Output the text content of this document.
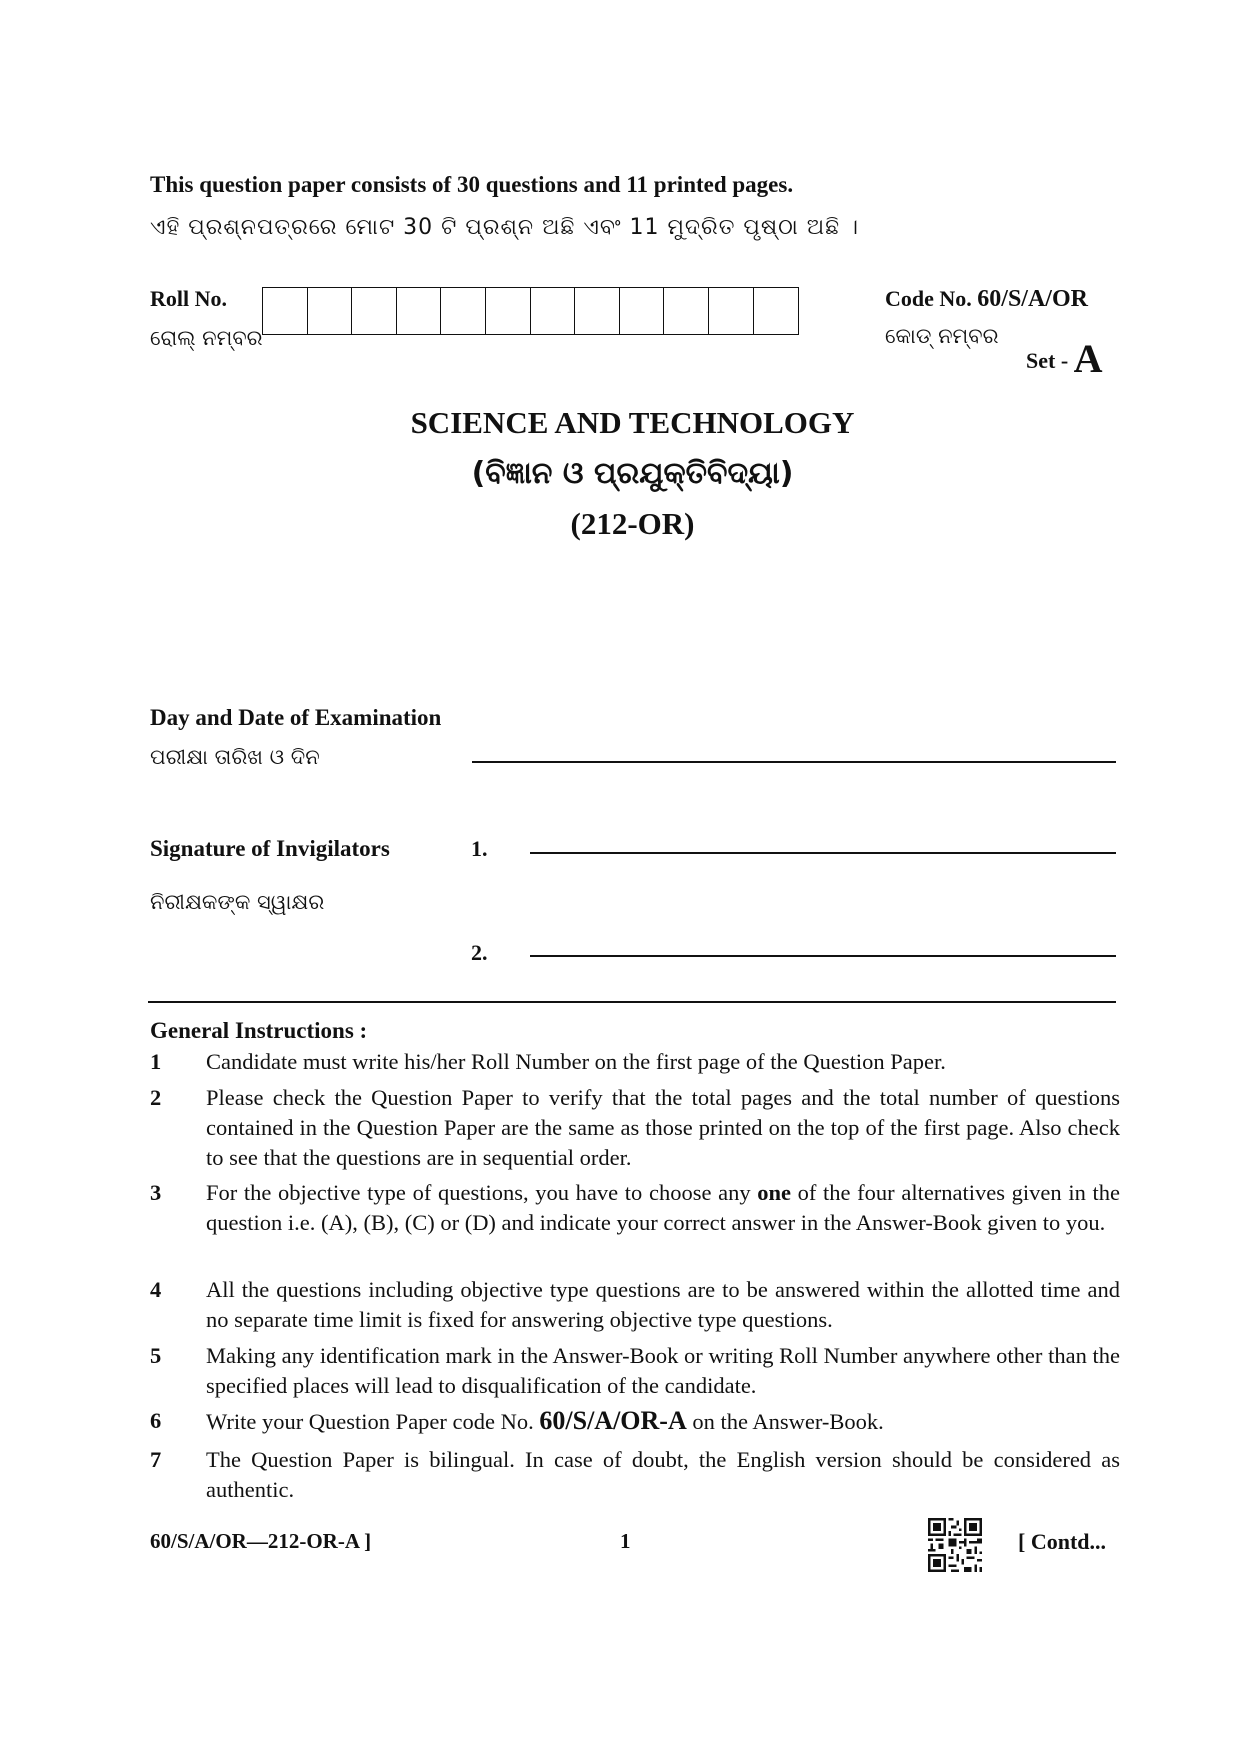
This question paper consists of 30 questions and 11 printed pages.
ଏହି ପ୍ରଶ୍ନପତ୍ରରେ ମୋଟ 30 ଟି ପ୍ରଶ୍ନ ଅଛି ଏବଂ 11 ମୁଦ୍ରିତ ପୃଷ୍ଠା ଅଛି ।
Roll No.
ରୋଲ୍ ନମ୍ବର
Code No. 60/S/A/OR
କୋଡ୍ ନମ୍ବର
Set - A
SCIENCE AND TECHNOLOGY
(ବିଜ୍ଞାନ ଓ ପ୍ରଯୁକ୍ତିବିଦ୍ୟା)
(212-OR)
Day and Date of Examination
ପରୀକ୍ଷା ତାରିଖ ଓ ଦିନ
Signature of Invigilators
ନିରୀକ୍ଷକଙ୍କ ସ୍ୱାକ୍ଷର
1.
2.
General Instructions :
1 Candidate must write his/her Roll Number on the first page of the Question Paper.
2 Please check the Question Paper to verify that the total pages and the total number of questions contained in the Question Paper are the same as those printed on the top of the first page. Also check to see that the questions are in sequential order.
3 For the objective type of questions, you have to choose any one of the four alternatives given in the question i.e. (A), (B), (C) or (D) and indicate your correct answer in the Answer-Book given to you.
4 All the questions including objective type questions are to be answered within the allotted time and no separate time limit is fixed for answering objective type questions.
5 Making any identification mark in the Answer-Book or writing Roll Number anywhere other than the specified places will lead to disqualification of the candidate.
6 Write your Question Paper code No. 60/S/A/OR-A on the Answer-Book.
7 The Question Paper is bilingual. In case of doubt, the English version should be considered as authentic.
60/S/A/OR—212-OR-A ]	1	[ Contd...
